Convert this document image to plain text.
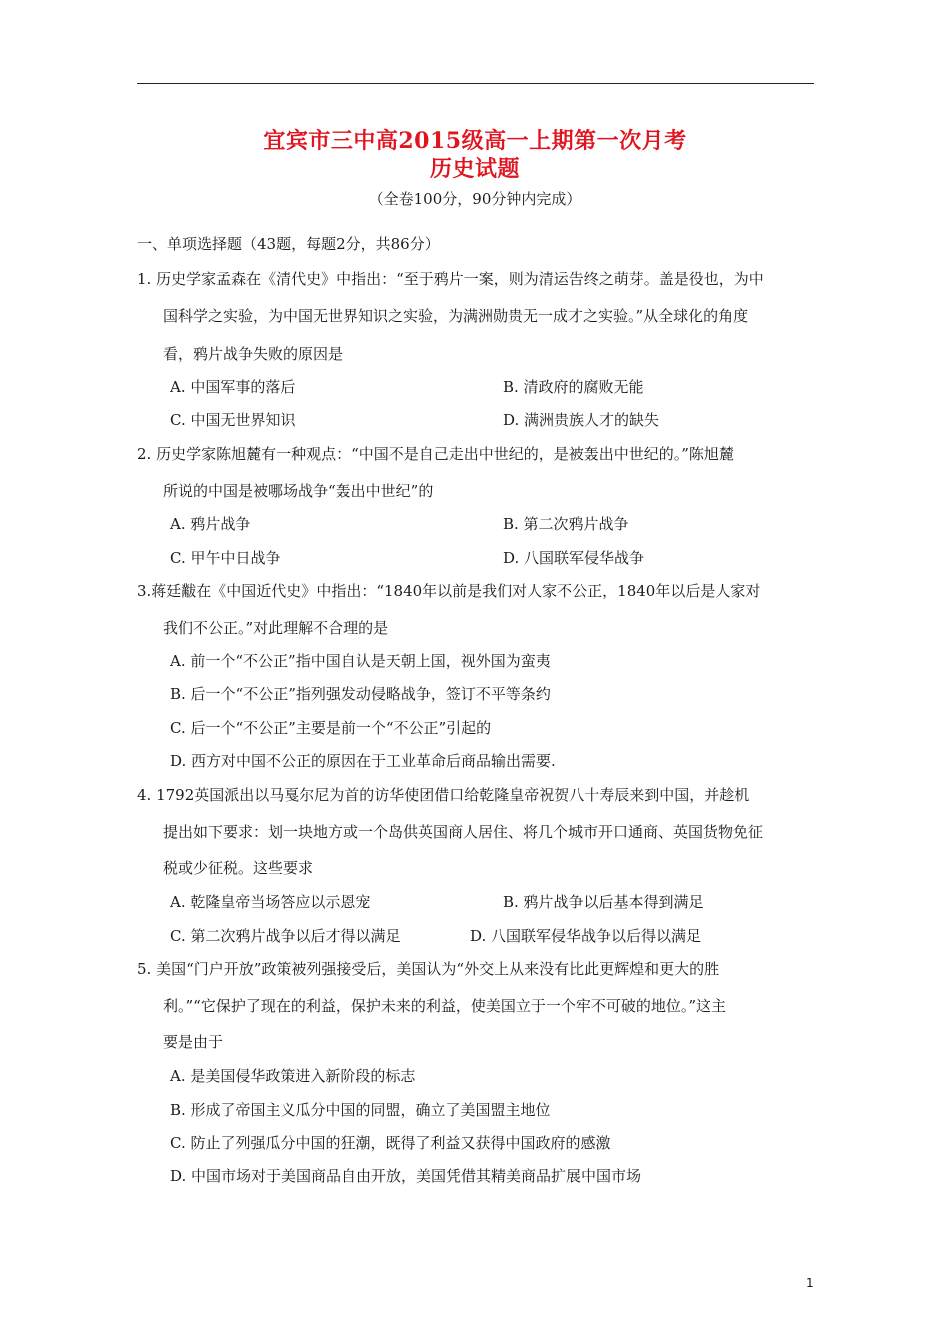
宜宾市三中高2015级高一上期第一次月考
历史试题
（全卷100分，90分钟内完成）
一、单项选择题（43题，每题2分，共86分）
1. 历史学家孟森在《清代史》中指出：“至于鸦片一案，则为清运告终之萌芽。盖是役也，为中
国科学之实验，为中国无世界知识之实验，为满洲勋贵无一成才之实验。”从全球化的角度
看，鸦片战争失败的原因是
A. 中国军事的落后	B. 清政府的腐败无能
C. 中国无世界知识	D. 满洲贵族人才的缺失
2. 历史学家陈旭麓有一种观点：“中国不是自己走出中世纪的，是被轰出中世纪的。”陈旭麓
所说的中国是被哪场战争“轰出中世纪”的
A. 鸦片战争	B. 第二次鸦片战争
C. 甲午中日战争	D. 八国联军侵华战争
3.蒋廷黻在《中国近代史》中指出：“1840年以前是我们对人家不公正，1840年以后是人家对
我们不公正。”对此理解不合理的是
A. 前一个“不公正”指中国自认是天朝上国，视外国为蛮夷
B. 后一个“不公正”指列强发动侵略战争，签订不平等条约
C. 后一个“不公正”主要是前一个“不公正”引起的
D. 西方对中国不公正的原因在于工业革命后商品输出需要.
4. 1792英国派出以马戛尔尼为首的访华使团借口给乾隆皇帝祝贺八十寿辰来到中国，并趁机
提出如下要求：划一块地方或一个岛供英国商人居住、将几个城市开口通商、英国货物免征
税或少征税。这些要求
A. 乾隆皇帝当场答应以示恩宠	B. 鸦片战争以后基本得到满足
C. 第二次鸦片战争以后才得以满足	D. 八国联军侵华战争以后得以满足
5. 美国“门户开放”政策被列强接受后，美国认为“外交上从来没有比此更辉煌和更大的胜
利。”“它保护了现在的利益，保护未来的利益，使美国立于一个牢不可破的地位。”这主
要是由于
A. 是美国侵华政策进入新阶段的标志
B. 形成了帝国主义瓜分中国的同盟，确立了美国盟主地位
C. 防止了列强瓜分中国的狂潮，既得了利益又获得中国政府的感激
D. 中国市场对于美国商品自由开放，美国凭借其精美商品扩展中国市场
1
